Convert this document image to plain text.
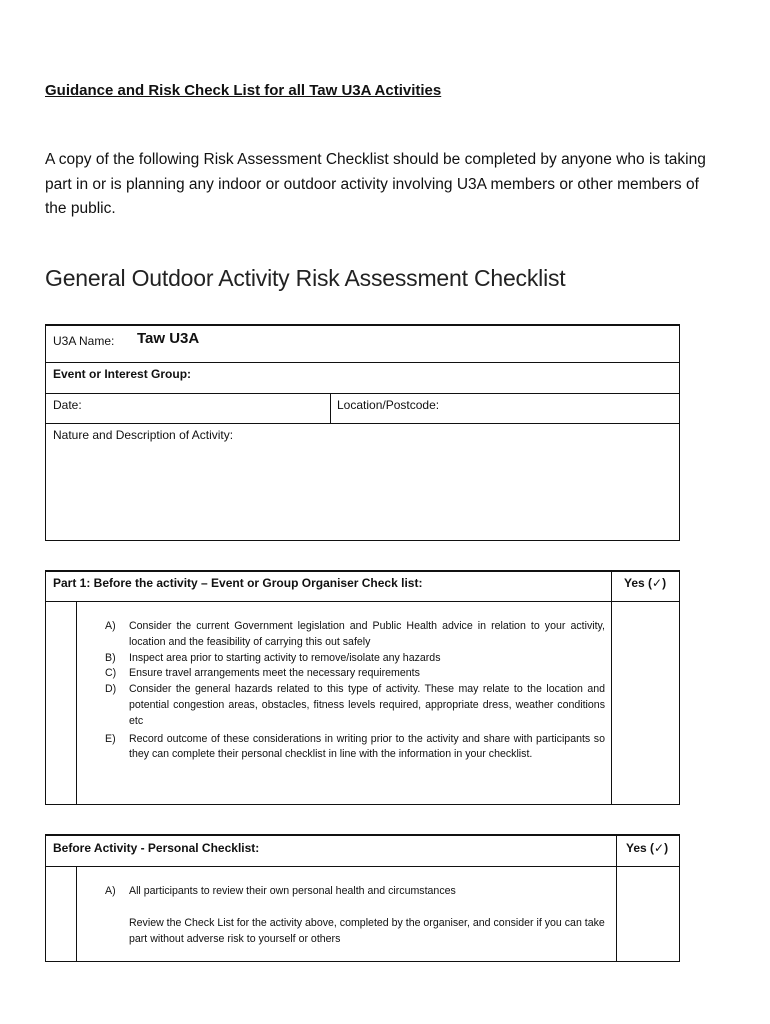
Guidance and Risk Check List for all Taw U3A Activities

A copy of the following Risk Assessment Checklist should be completed by anyone who is taking part in or is planning any indoor or outdoor activity involving U3A members or other members of the public.

General Outdoor Activity Risk Assessment Checklist
U3A Name: Taw U3A
Event or Interest Group:
Date:	Location/Postcode:
Nature and Description of Activity:
Part 1: Before the activity – Event or Group Organiser Check list:	Yes (✓)
A) Consider the current Government legislation and Public Health advice in relation to your activity, location and the feasibility of carrying this out safely
B) Inspect area prior to starting activity to remove/isolate any hazards
C) Ensure travel arrangements meet the necessary requirements
D) Consider the general hazards related to this type of activity. These may relate to the location and potential congestion areas, obstacles, fitness levels required, appropriate dress, weather conditions etc
E) Record outcome of these considerations in writing prior to the activity and share with participants so they can complete their personal checklist in line with the information in your checklist.
Before Activity - Personal Checklist:	Yes (✓)
A) All participants to review their own personal health and circumstances
Review the Check List for the activity above, completed by the organiser, and consider if you can take part without adverse risk to yourself or others
